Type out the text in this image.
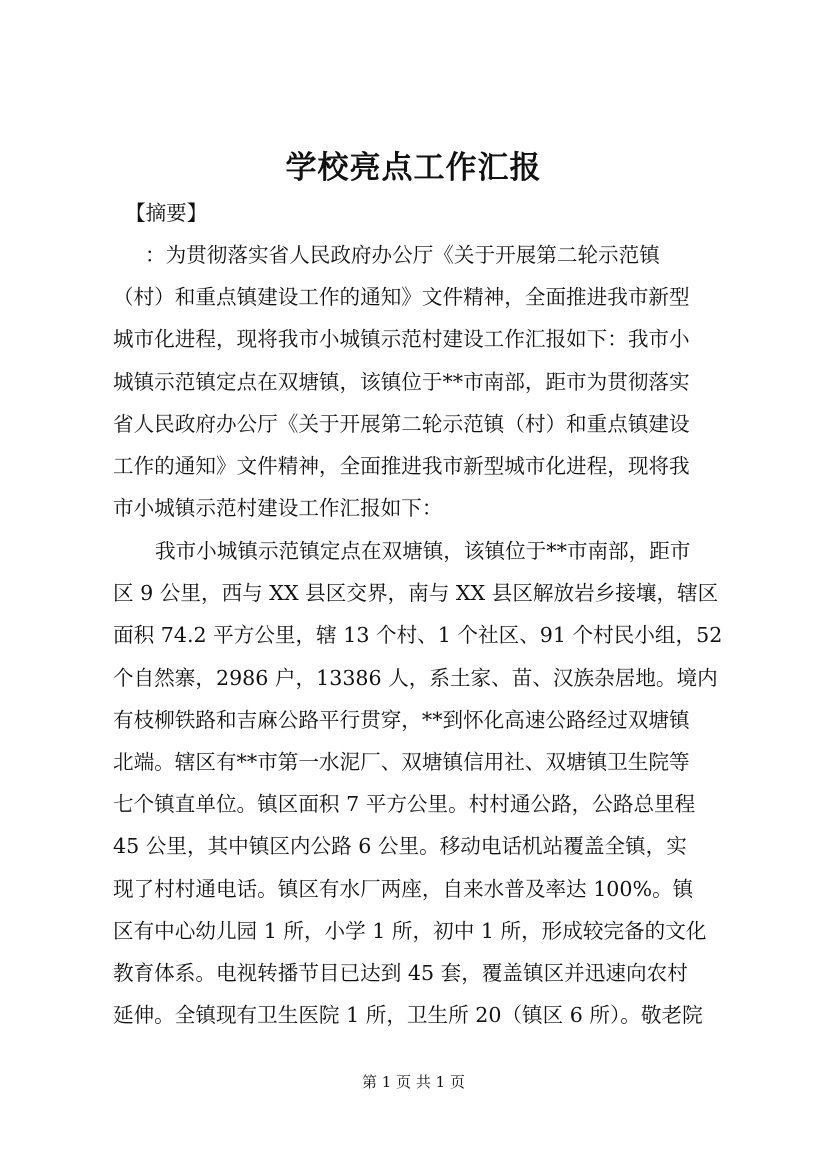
学校亮点工作汇报
【摘要】
：为贯彻落实省人民政府办公厅《关于开展第二轮示范镇
（村）和重点镇建设工作的通知》文件精神，全面推进我市新型
城市化进程，现将我市小城镇示范村建设工作汇报如下：我市小
城镇示范镇定点在双塘镇，该镇位于**市南部，距市为贯彻落实
省人民政府办公厅《关于开展第二轮示范镇（村）和重点镇建设
工作的通知》文件精神，全面推进我市新型城市化进程，现将我
市小城镇示范村建设工作汇报如下：
我市小城镇示范镇定点在双塘镇，该镇位于**市南部，距市
区 9 公里，西与 XX 县区交界，南与 XX 县区解放岩乡接壤，辖区
面积 74.2 平方公里，辖 13 个村、1 个社区、91 个村民小组，52
个自然寨，2986 户，13386 人，系土家、苗、汉族杂居地。境内
有枝柳铁路和吉麻公路平行贯穿，**到怀化高速公路经过双塘镇
北端。辖区有**市第一水泥厂、双塘镇信用社、双塘镇卫生院等
七个镇直单位。镇区面积 7 平方公里。村村通公路，公路总里程
45 公里，其中镇区内公路 6 公里。移动电话机站覆盖全镇，实
现了村村通电话。镇区有水厂两座，自来水普及率达 100%。镇
区有中心幼儿园 1 所，小学 1 所，初中 1 所，形成较完备的文化
教育体系。电视转播节目已达到 45 套，覆盖镇区并迅速向农村
延伸。全镇现有卫生医院 1 所，卫生所 20（镇区 6 所）。敬老院
第 1 页 共 1 页
